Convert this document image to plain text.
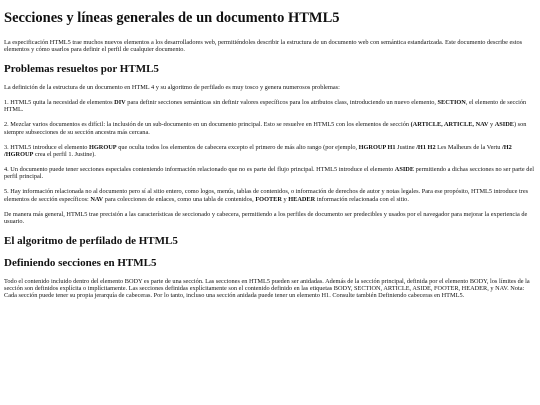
Secciones y líneas generales de un documento HTML5

La especificación HTML5 trae muchos nuevos elementos a los desarrolladores web, permitiéndoles describir la estructura de un documento web con semántica estandarizada. Este documento describe estos elementos y cómo usarlos para definir el perfil de cualquier documento.

Problemas resueltos por HTML5

La definición de la estructura de un documento en HTML 4 y su algoritmo de perfilado es muy tosco y genera numerosos problemas:

1. HTML5 quita la necesidad de elementos DIV para definir secciones semánticas sin definir valores específicos para los atributos class, introduciendo un nuevo elemento, SECTION, el elemento de sección HTML.

2. Mezclar varios documentos es difícil: la inclusión de un sub-documento en un documento principal. Esto se resuelve en HTML5 con los elementos de sección (ARTICLE, ARTICLE, NAV y ASIDE) son siempre subsecciones de su sección ancestra más cercana.

3. HTML5 introduce el elemento HGROUP que oculta todos los elementos de cabecera excepto el primero de más alto rango (por ejemplo, HGROUP H1 Justine /H1 H2 Les Malheurs de la Vertu /H2 /HGROUP crea el perfil 1. Justine).

4. Un documento puede tener secciones especiales conteniendo información relacionado que no es parte del flujo principal. HTML5 introduce el elemento ASIDE permitiendo a dichas secciones no ser parte del perfil principal.

5. Hay información relacionada no al documento pero sí al sitio entero, como logos, menús, tablas de contenidos, o información de derechos de autor y notas legales. Para ese propósito, HTML5 introduce tres elementos de sección específicos: NAV para colecciones de enlaces, como una tabla de contenidos, FOOTER y HEADER información relacionada con el sitio.

De manera más general, HTML5 trae precisión a las características de seccionado y cabecera, permitiendo a los perfiles de documento ser predecibles y usados por el navegador para mejorar la experiencia de usuario.

El algoritmo de perfilado de HTML5
Definiendo secciones en HTML5

Todo el contenido incluido dentro del elemento BODY es parte de una sección. Las secciones en HTML5 pueden ser anidadas. Además de la sección principal, definida por el elemento BODY, los límites de la sección son definidos explícita o implícitamente. Las secciones definidas explícitamente son el contenido definido en las etiquetas BODY, SECTION, ARTICLE, ASIDE, FOOTER, HEADER, y NAV. Nota: Cada sección puede tener su propia jerarquía de cabeceras. Por lo tanto, incluso una sección anidada puede tener un elemento H1. Consulte también Definiendo cabeceras en HTML5.
